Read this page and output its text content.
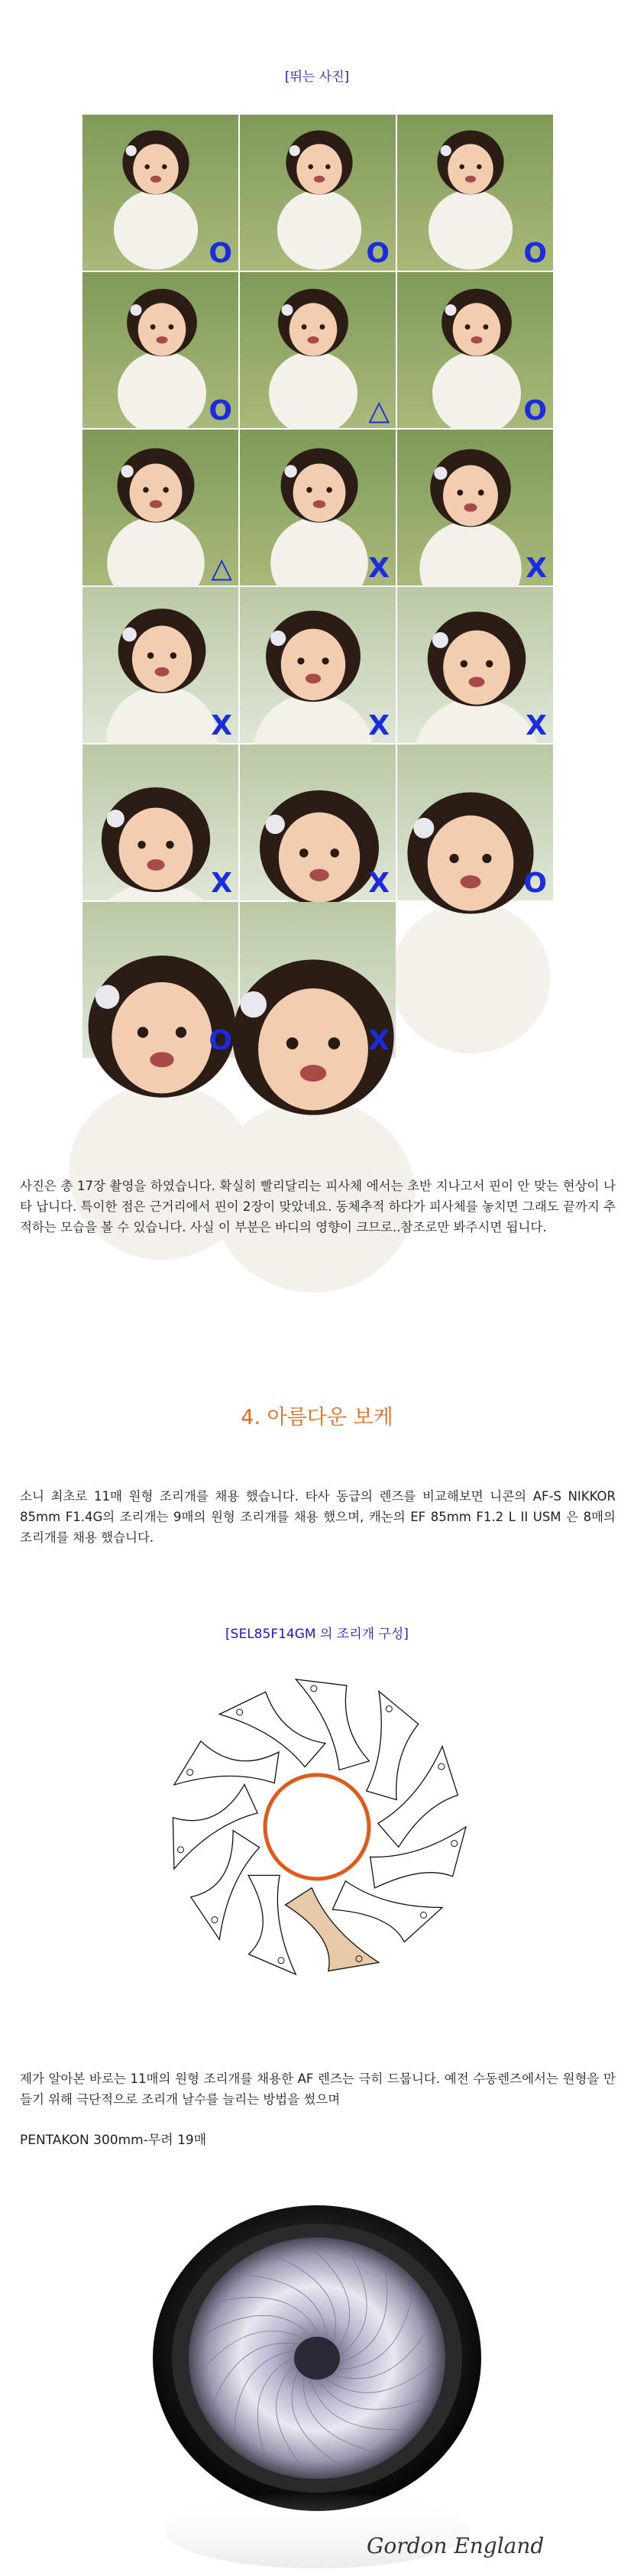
[뛰는 사진]
O	O	O
O	△	O
△	X	X
X	X	X
X	X	O
O	X
사진은 총 17장 촬영을 하였습니다. 확실히 빨리달리는 피사체 에서는 초반 지나고서 핀이 안 맞는 현상이 나타 납니다. 특이한 점은 근거리에서 핀이 2장이 맞았네요. 동체추적 하다가 피사체를 놓치면 그래도 끝까지 추적하는 모습을 볼 수 있습니다. 사실 이 부분은 바디의 영향이 크므로..참조로만 봐주시면 됩니다.
4. 아름다운 보케
소니 최초로 11매 원형 조리개를 채용 했습니다. 타사 동급의 렌즈를 비교해보면 니콘의 AF-S NIKKOR 85mm F1.4G의 조리개는 9매의 원형 조리개를 채용 했으며, 캐논의 EF 85mm F1.2 L II USM 은 8매의 조리개를 채용 했습니다.
[SEL85F14GM 의 조리개 구성]
제가 알아본 바로는 11매의 원형 조리개를 채용한 AF 렌즈는 극히 드뭅니다. 예전 수동렌즈에서는 원형을 만들기 위해 극단적으로 조리개 날수를 늘리는 방법을 썼으며
PENTAKON 300mm-무려 19매
Gordon England
